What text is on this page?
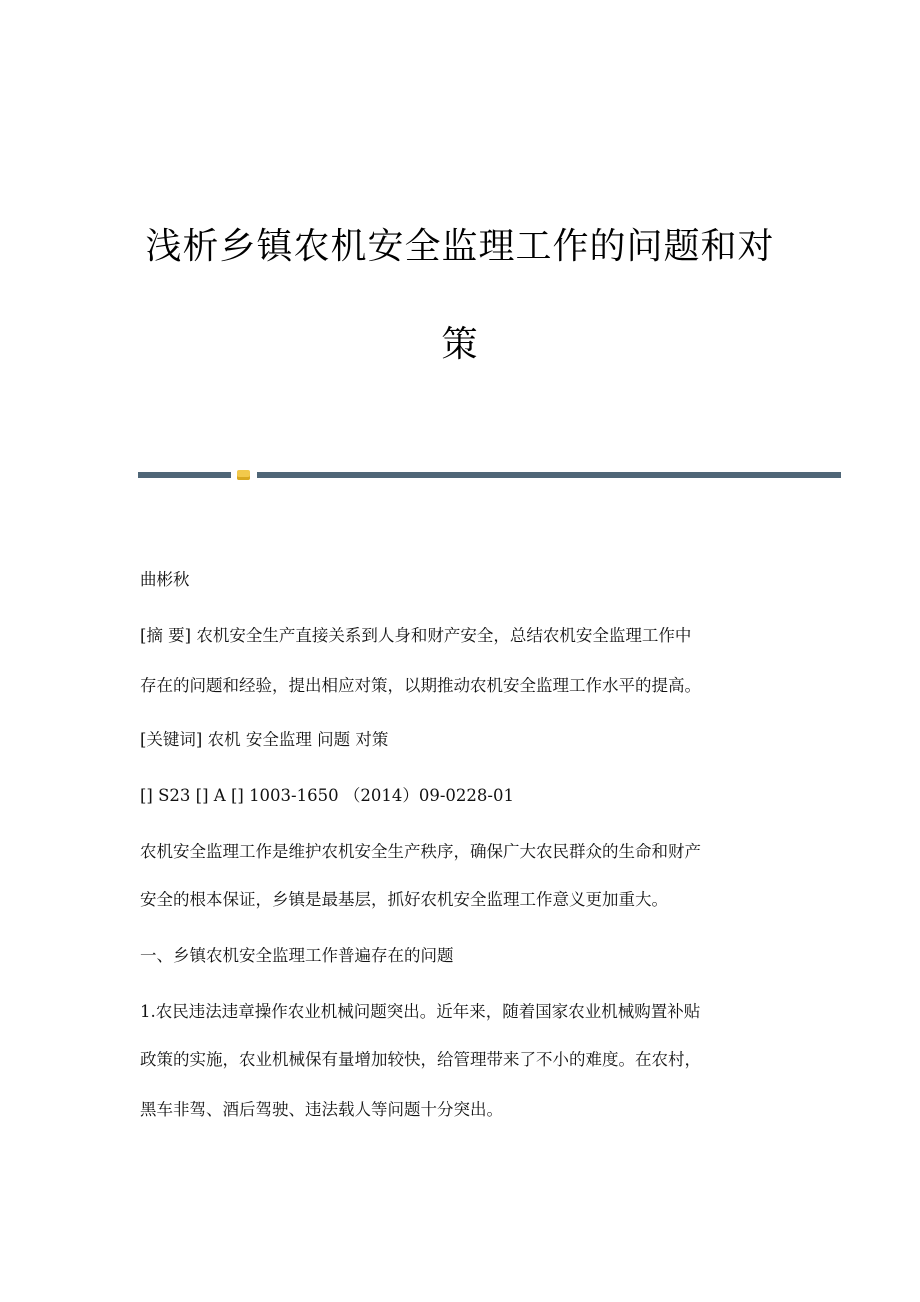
浅析乡镇农机安全监理工作的问题和对
策
曲彬秋
[摘 要] 农机安全生产直接关系到人身和财产安全，总结农机安全监理工作中
存在的问题和经验，提出相应对策，以期推动农机安全监理工作水平的提高。
[关键词] 农机 安全监理 问题 对策
[] S23 [] A [] 1003-1650 （2014）09-0228-01
农机安全监理工作是维护农机安全生产秩序，确保广大农民群众的生命和财产
安全的根本保证，乡镇是最基层，抓好农机安全监理工作意义更加重大。
一、乡镇农机安全监理工作普遍存在的问题
1.农民违法违章操作农业机械问题突出。近年来，随着国家农业机械购置补贴
政策的实施，农业机械保有量增加较快，给管理带来了不小的难度。在农村，
黑车非驾、酒后驾驶、违法载人等问题十分突出。
